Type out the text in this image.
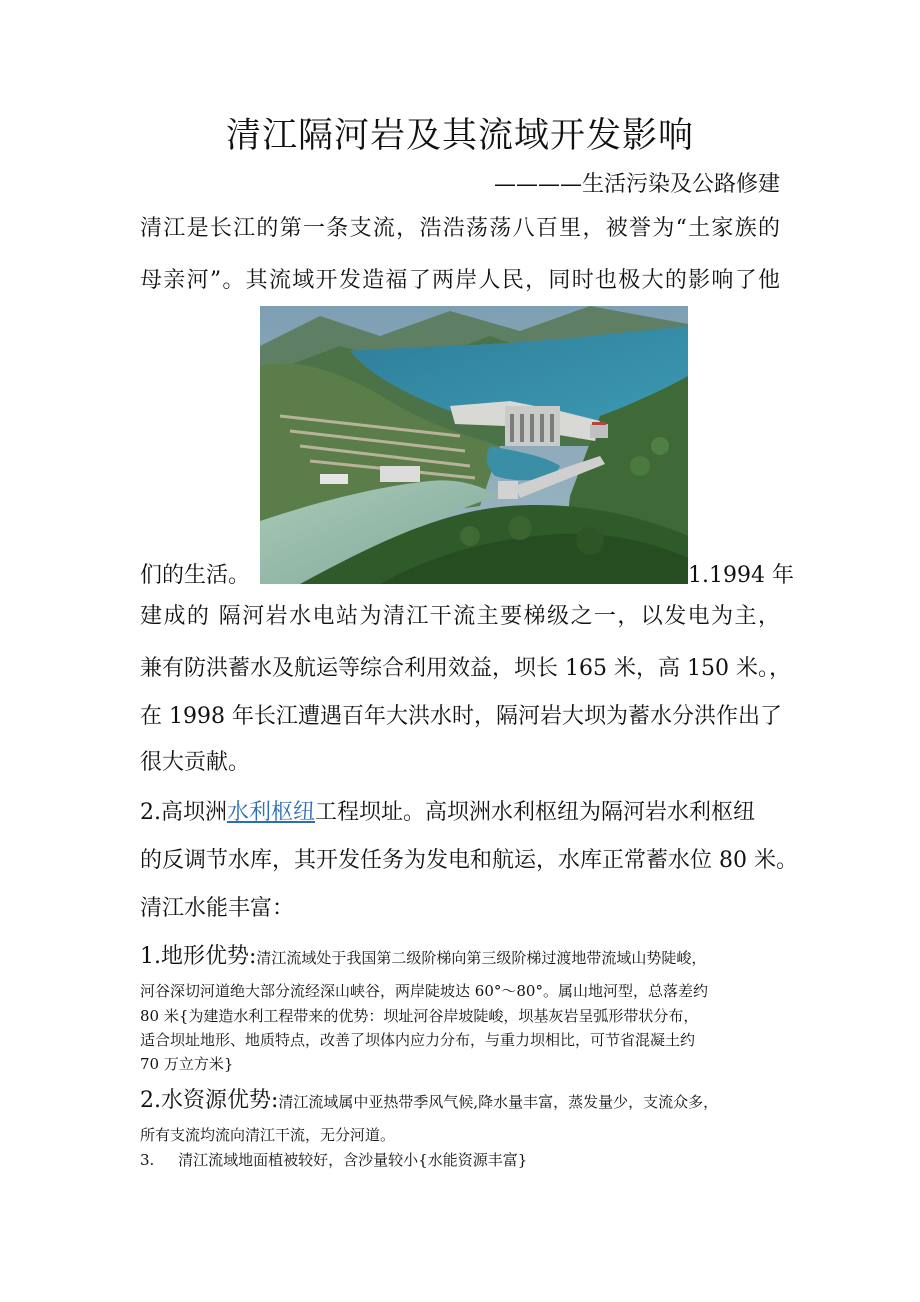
清江隔河岩及其流域开发影响
————生活污染及公路修建
清江是长江的第一条支流，浩浩荡荡八百里，被誉为“土家族的
母亲河”。其流域开发造福了两岸人民，同时也极大的影响了他
们的生活。	1.1994 年
建成的 隔河岩水电站为清江干流主要梯级之一，以发电为主，
兼有防洪蓄水及航运等综合利用效益，坝长 165 米，高 150 米。，
在 1998 年长江遭遇百年大洪水时，隔河岩大坝为蓄水分洪作出了
很大贡献。
2.高坝洲水利枢纽工程坝址。高坝洲水利枢纽为隔河岩水利枢纽
的反调节水库，其开发任务为发电和航运，水库正常蓄水位 80 米。
清江水能丰富：
1.地形优势:清江流域处于我国第二级阶梯向第三级阶梯过渡地带流域山势陡峻，
河谷深切河道绝大部分流经深山峡谷，两岸陡坡达 60°～80°。属山地河型，总落差约
80 米{为建造水利工程带来的优势：坝址河谷岸坡陡峻，坝基灰岩呈弧形带状分布，
适合坝址地形、地质特点，改善了坝体内应力分布，与重力坝相比，可节省混凝土约
70 万立方米}
2.水资源优势:清江流域属中亚热带季风气候,降水量丰富，蒸发量少，支流众多，
所有支流均流向清江干流，无分河道。
3.     清江流域地面植被较好，含沙量较小{水能资源丰富}
